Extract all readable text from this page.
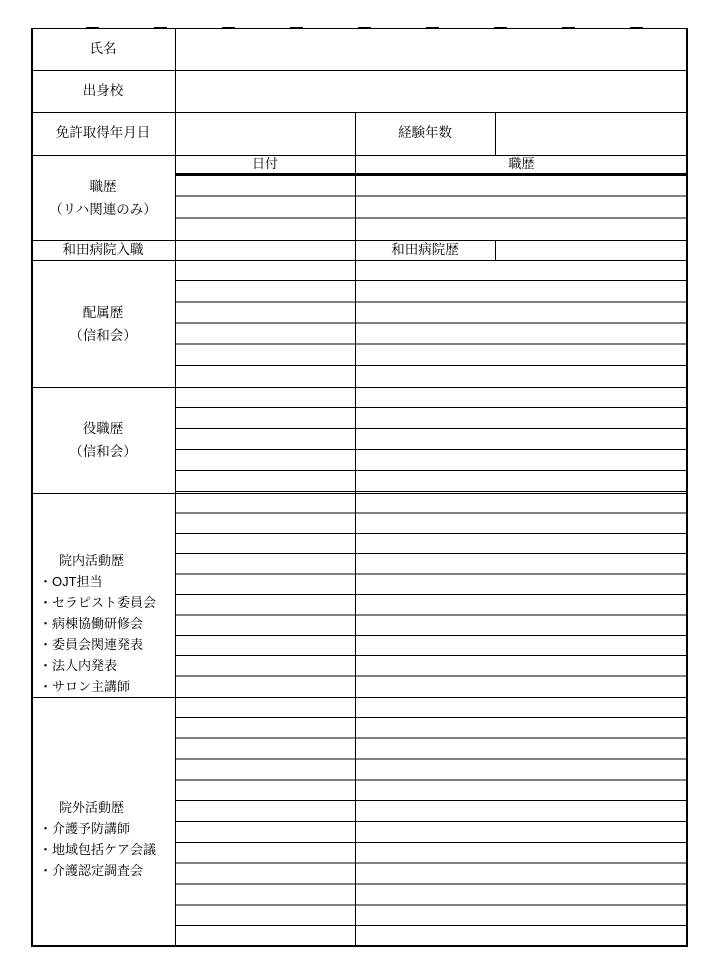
氏名
出身校
免許取得年月日	経験年数
日付	職歴
職歴
（リハ関連のみ）
和田病院入職	和田病院歴
配属歴
（信和会）
役職歴
（信和会）
院内活動歴
・OJT担当
・セラピスト委員会
・病棟協働研修会
・委員会関連発表
・法人内発表
・サロン主講師
院外活動歴
・介護予防講師
・地域包括ケア会議
・介護認定調査会
